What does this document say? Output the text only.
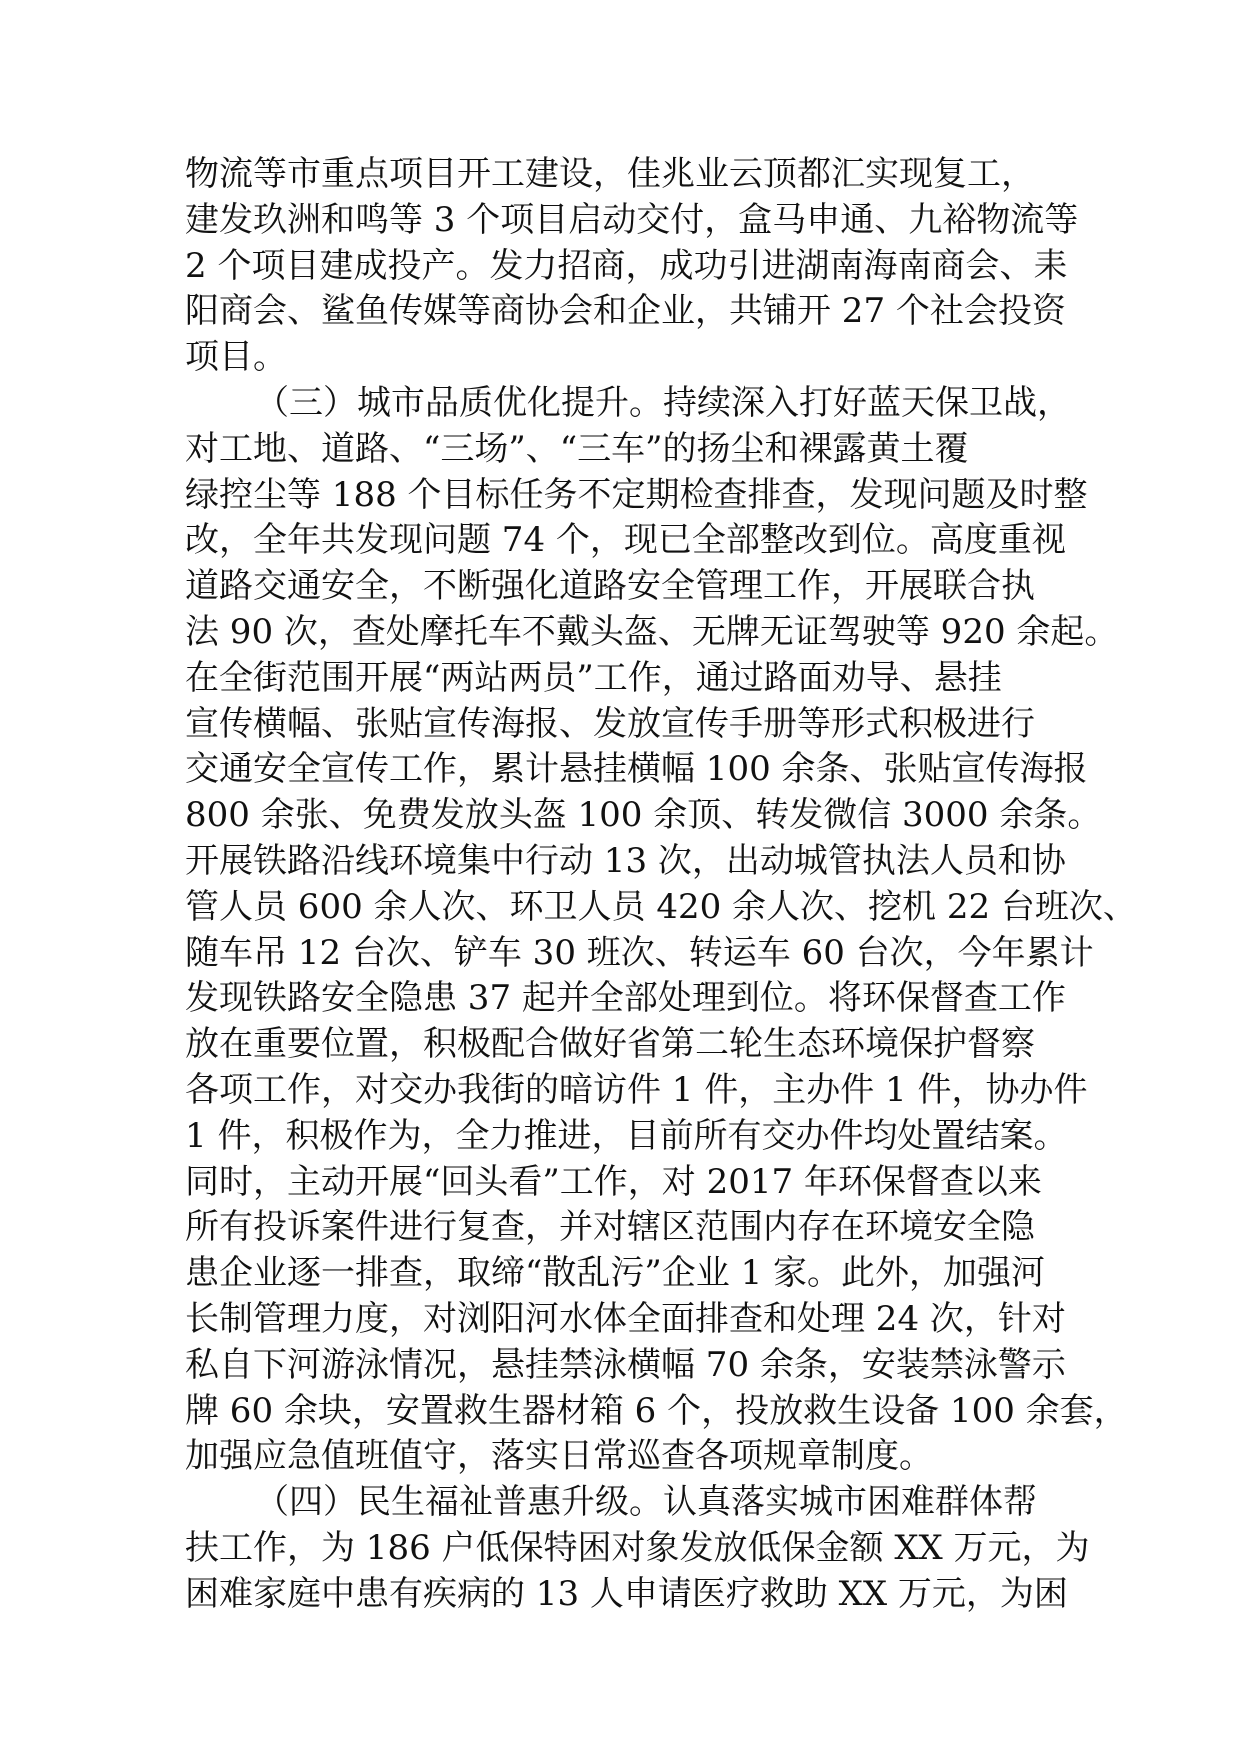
物流等市重点项目开工建设，佳兆业云顶都汇实现复工，
建发玖洲和鸣等 3 个项目启动交付，盒马申通、九裕物流等
2 个项目建成投产。发力招商，成功引进湖南海南商会、耒
阳商会、鲨鱼传媒等商协会和企业，共铺开 27 个社会投资
项目。
（三）城市品质优化提升。持续深入打好蓝天保卫战，
对工地、道路、“三场”、“三车”的扬尘和裸露黄土覆
绿控尘等 188 个目标任务不定期检查排查，发现问题及时整
改，全年共发现问题 74 个，现已全部整改到位。高度重视
道路交通安全，不断强化道路安全管理工作，开展联合执
法 90 次，查处摩托车不戴头盔、无牌无证驾驶等 920 余起。
在全街范围开展“两站两员”工作，通过路面劝导、悬挂
宣传横幅、张贴宣传海报、发放宣传手册等形式积极进行
交通安全宣传工作，累计悬挂横幅 100 余条、张贴宣传海报
800 余张、免费发放头盔 100 余顶、转发微信 3000 余条。
开展铁路沿线环境集中行动 13 次，出动城管执法人员和协
管人员 600 余人次、环卫人员 420 余人次、挖机 22 台班次、
随车吊 12 台次、铲车 30 班次、转运车 60 台次，今年累计
发现铁路安全隐患 37 起并全部处理到位。将环保督查工作
放在重要位置，积极配合做好省第二轮生态环境保护督察
各项工作，对交办我街的暗访件 1 件，主办件 1 件，协办件
1 件，积极作为，全力推进，目前所有交办件均处置结案。
同时，主动开展“回头看”工作，对 2017 年环保督查以来
所有投诉案件进行复查，并对辖区范围内存在环境安全隐
患企业逐一排查，取缔“散乱污”企业 1 家。此外，加强河
长制管理力度，对浏阳河水体全面排查和处理 24 次，针对
私自下河游泳情况，悬挂禁泳横幅 70 余条，安装禁泳警示
牌 60 余块，安置救生器材箱 6 个，投放救生设备 100 余套，
加强应急值班值守，落实日常巡查各项规章制度。
（四）民生福祉普惠升级。认真落实城市困难群体帮
扶工作，为 186 户低保特困对象发放低保金额 XX 万元，为
困难家庭中患有疾病的 13 人申请医疗救助 XX 万元，为困
